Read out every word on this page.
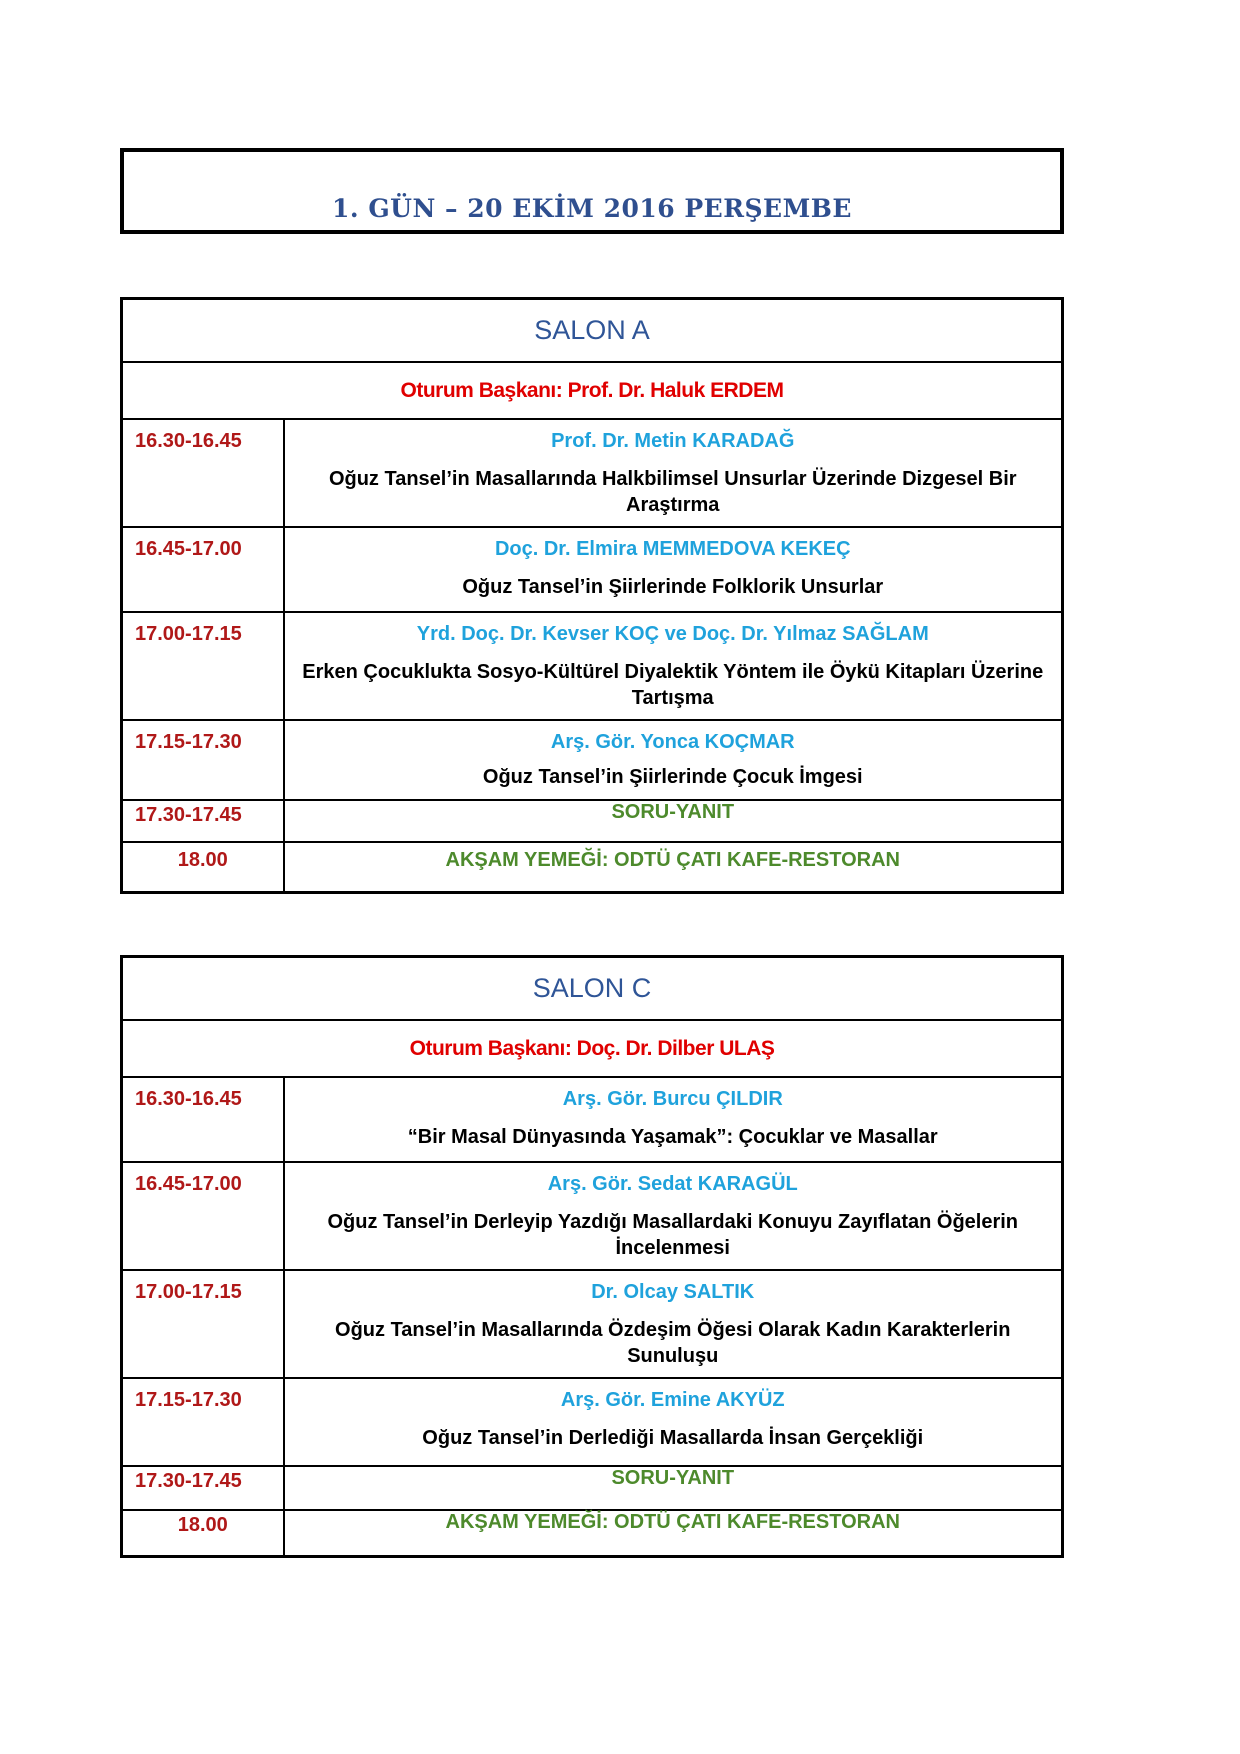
1. GÜN – 20 EKİM 2016 PERŞEMBE
SALON A	
Oturum Başkanı: Prof. Dr. Haluk ERDEM	
16.30-16.45	Prof. Dr. Metin KARADAĞ
Oğuz Tansel’in Masallarında Halkbilimsel Unsurlar Üzerinde Dizgesel Bir Araştırma

16.45-17.00	Doç. Dr. Elmira MEMMEDOVA KEKEÇ
Oğuz Tansel’in Şiirlerinde Folklorik Unsurlar

17.00-17.15	Yrd. Doç. Dr. Kevser KOÇ ve Doç. Dr. Yılmaz SAĞLAM
Erken Çocuklukta Sosyo-Kültürel Diyalektik Yöntem ile Öykü Kitapları Üzerine Tartışma

17.15-17.30	Arş. Gör. Yonca KOÇMAR
Oğuz Tansel’in Şiirlerinde Çocuk İmgesi

17.30-17.45	SORU-YANIT
18.00	AKŞAM YEMEĞİ: ODTÜ ÇATI KAFE-RESTORAN
SALON C	
Oturum Başkanı: Doç. Dr. Dilber ULAŞ	
16.30-16.45	Arş. Gör. Burcu ÇILDIR
“Bir Masal Dünyasında Yaşamak”: Çocuklar ve Masallar

16.45-17.00	Arş. Gör. Sedat KARAGÜL
Oğuz Tansel’in Derleyip Yazdığı Masallardaki Konuyu Zayıflatan Öğelerin İncelenmesi

17.00-17.15	Dr. Olcay SALTIK
Oğuz Tansel’in Masallarında Özdeşim Öğesi Olarak Kadın Karakterlerin Sunuluşu

17.15-17.30	Arş. Gör. Emine AKYÜZ
Oğuz Tansel’in Derlediği Masallarda İnsan Gerçekliği

17.30-17.45	SORU-YANIT
18.00	AKŞAM YEMEĞİ: ODTÜ ÇATI KAFE-RESTORAN
